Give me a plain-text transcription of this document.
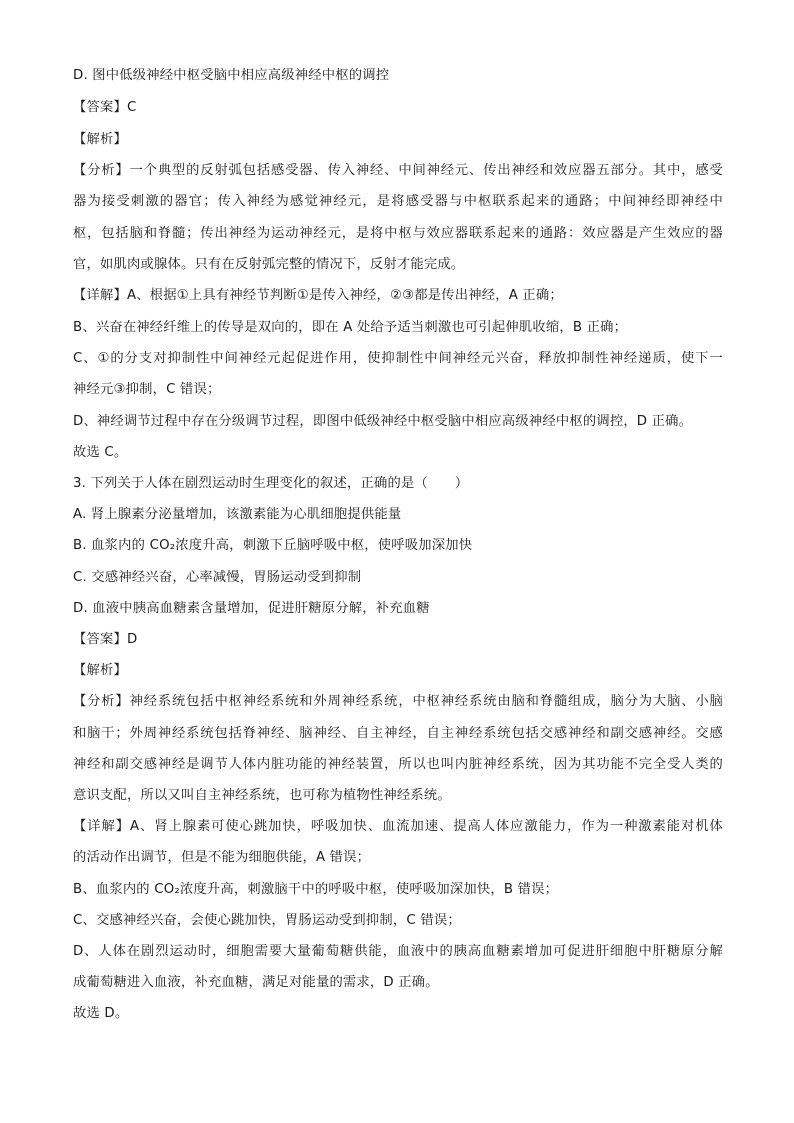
D. 图中低级神经中枢受脑中相应高级神经中枢的调控
【答案】C
【解析】
【分析】一个典型的反射弧包括感受器、传入神经、中间神经元、传出神经和效应器五部分。其中，感受
器为接受刺激的器官；传入神经为感觉神经元，是将感受器与中枢联系起来的通路；中间神经即神经中
枢，包括脑和脊髓；传出神经为运动神经元，是将中枢与效应器联系起来的通路：效应器是产生效应的器
官，如肌肉或腺体。只有在反射弧完整的情况下，反射才能完成。
【详解】A、根据①上具有神经节判断①是传入神经，②③都是传出神经，A 正确；
B、兴奋在神经纤维上的传导是双向的，即在 A 处给予适当刺激也可引起伸肌收缩，B 正确；
C、①的分支对抑制性中间神经元起促进作用，使抑制性中间神经元兴奋，释放抑制性神经递质，使下一
神经元③抑制，C 错误；
D、神经调节过程中存在分级调节过程，即图中低级神经中枢受脑中相应高级神经中枢的调控，D 正确。
故选 C。
3. 下列关于人体在剧烈运动时生理变化的叙述，正确的是（　　）
A. 肾上腺素分泌量增加，该激素能为心肌细胞提供能量
B. 血浆内的 CO₂浓度升高，刺激下丘脑呼吸中枢，使呼吸加深加快
C. 交感神经兴奋，心率减慢，胃肠运动受到抑制
D. 血液中胰高血糖素含量增加，促进肝糖原分解，补充血糖
【答案】D
【解析】
【分析】神经系统包括中枢神经系统和外周神经系统，中枢神经系统由脑和脊髓组成，脑分为大脑、小脑
和脑干；外周神经系统包括脊神经、脑神经、自主神经，自主神经系统包括交感神经和副交感神经。交感
神经和副交感神经是调节人体内脏功能的神经装置，所以也叫内脏神经系统，因为其功能不完全受人类的
意识支配，所以又叫自主神经系统，也可称为植物性神经系统。
【详解】A、肾上腺素可使心跳加快，呼吸加快、血流加速、提高人体应激能力，作为一种激素能对机体
的活动作出调节，但是不能为细胞供能，A 错误；
B、血浆内的 CO₂浓度升高，刺激脑干中的呼吸中枢，使呼吸加深加快，B 错误；
C、交感神经兴奋，会使心跳加快，胃肠运动受到抑制，C 错误；
D、人体在剧烈运动时，细胞需要大量葡萄糖供能，血液中的胰高血糖素增加可促进肝细胞中肝糖原分解
成葡萄糖进入血液，补充血糖，满足对能量的需求，D 正确。
故选 D。
